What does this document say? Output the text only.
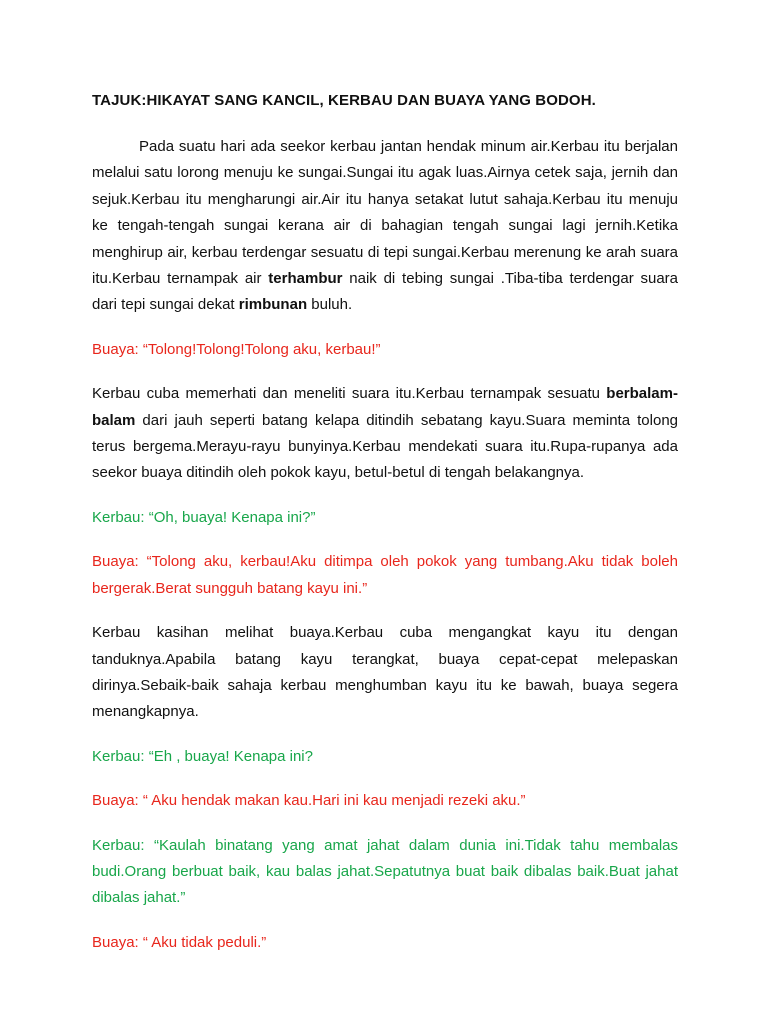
TAJUK:HIKAYAT SANG KANCIL, KERBAU DAN BUAYA YANG BODOH.

Pada suatu hari ada seekor kerbau jantan hendak minum air.Kerbau itu berjalan melalui satu lorong menuju ke sungai.Sungai itu agak luas.Airnya cetek saja, jernih dan sejuk.Kerbau itu mengharungi air.Air itu hanya setakat lutut sahaja.Kerbau itu menuju ke tengah-tengah sungai kerana air di bahagian tengah sungai lagi jernih.Ketika menghirup air, kerbau terdengar sesuatu di tepi sungai.Kerbau merenung ke arah suara itu.Kerbau ternampak air terhambur naik di tebing sungai .Tiba-tiba terdengar suara dari tepi sungai dekat rimbunan buluh.

Buaya: “Tolong!Tolong!Tolong aku, kerbau!”

Kerbau cuba memerhati dan meneliti suara itu.Kerbau ternampak sesuatu berbalam-balam dari jauh seperti batang kelapa ditindih sebatang kayu.Suara meminta tolong terus bergema.Merayu-rayu bunyinya.Kerbau mendekati suara itu.Rupa-rupanya ada seekor buaya ditindih oleh pokok kayu, betul-betul di tengah belakangnya.

Kerbau: “Oh, buaya! Kenapa ini?”

Buaya: “Tolong aku, kerbau!Aku ditimpa oleh pokok yang tumbang.Aku tidak boleh bergerak.Berat sungguh batang kayu ini.”

Kerbau kasihan melihat buaya.Kerbau cuba mengangkat kayu itu dengan tanduknya.Apabila batang kayu terangkat, buaya cepat-cepat melepaskan dirinya.Sebaik-baik sahaja kerbau menghumban kayu itu ke bawah, buaya segera menangkapnya.

Kerbau: “Eh , buaya! Kenapa ini?

Buaya: “ Aku hendak makan kau.Hari ini kau menjadi rezeki aku.”

Kerbau: “Kaulah binatang yang amat jahat dalam dunia ini.Tidak tahu membalas budi.Orang berbuat baik, kau balas jahat.Sepatutnya buat baik dibalas baik.Buat jahat dibalas jahat.”

Buaya: “ Aku tidak peduli.”
